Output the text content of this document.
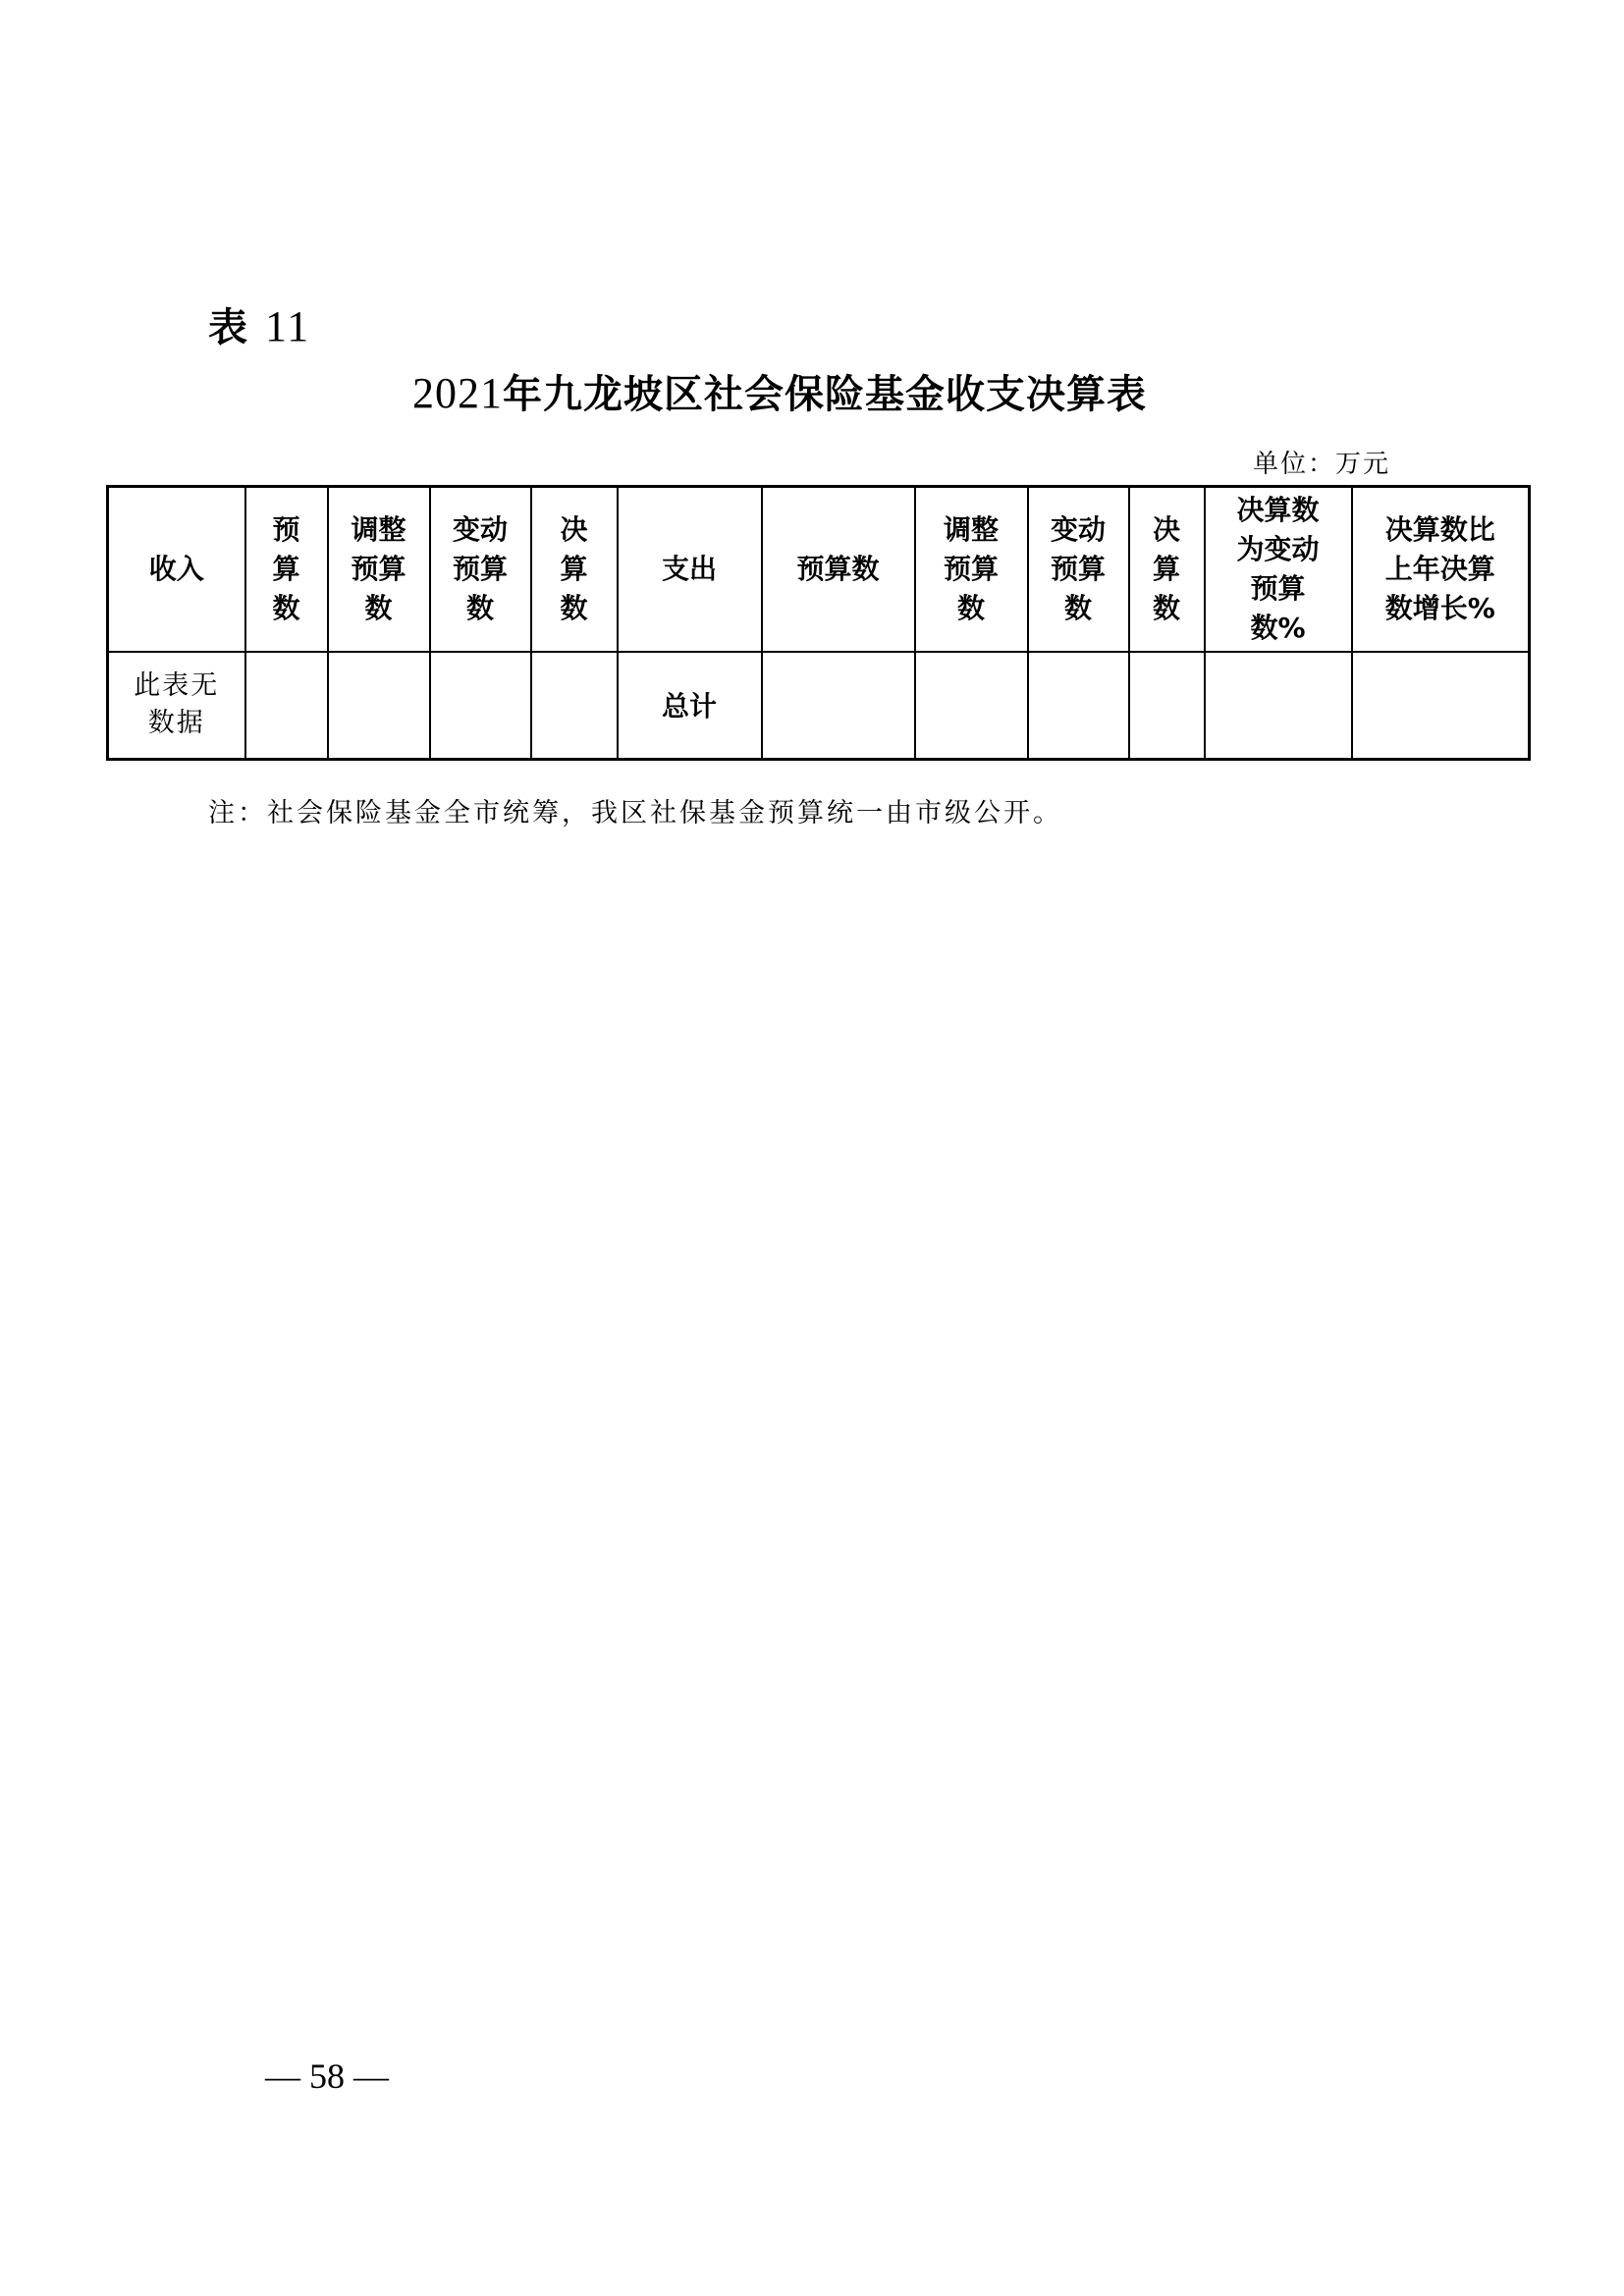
表 11
2021年九龙坡区社会保险基金收支决算表
单位：万元
收入	预
算
数	调整
预算
数	变动
预算
数	决
算
数	支出	预算数	调整
预算
数	变动
预算
数	决
算
数	决算数
为变动
预算
数%	决算数比
上年决算
数增长%

此表无
数据					总计						
注：社会保险基金全市统筹，我区社保基金预算统一由市级公开。
— 58 —
